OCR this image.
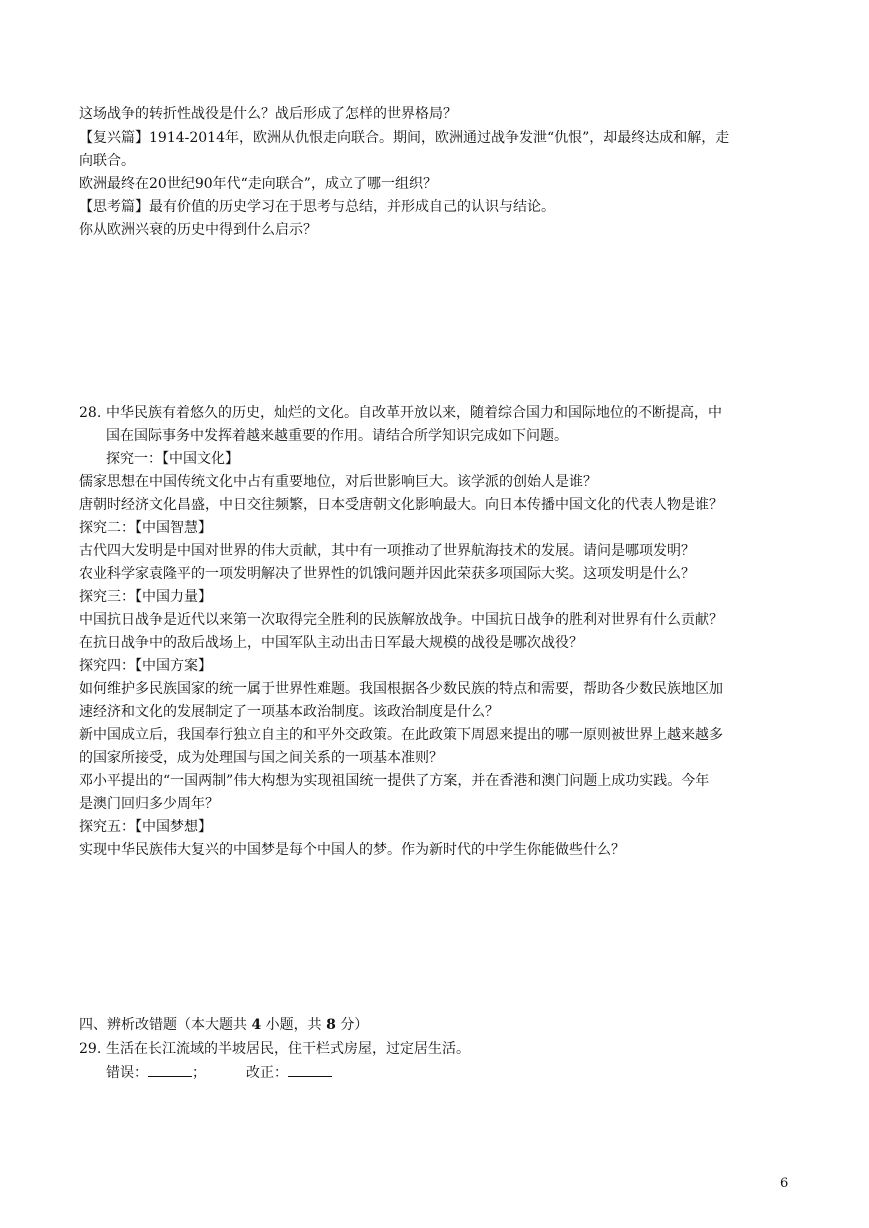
这场战争的转折性战役是什么？战后形成了怎样的世界格局？
【复兴篇】1914-2014年，欧洲从仇恨走向联合。期间，欧洲通过战争发泄“仇恨”，却最终达成和解，走
向联合。
欧洲最终在20世纪90年代“走向联合”，成立了哪一组织？
【思考篇】最有价值的历史学习在于思考与总结，并形成自己的认识与结论。
你从欧洲兴衰的历史中得到什么启示？
28. 中华民族有着悠久的历史，灿烂的文化。自改革开放以来，随着综合国力和国际地位的不断提高，中
国在国际事务中发挥着越来越重要的作用。请结合所学知识完成如下问题。
探究一：【中国文化】
儒家思想在中国传统文化中占有重要地位，对后世影响巨大。该学派的创始人是谁？
唐朝时经济文化昌盛，中日交往频繁，日本受唐朝文化影响最大。向日本传播中国文化的代表人物是谁？
探究二：【中国智慧】
古代四大发明是中国对世界的伟大贡献，其中有一项推动了世界航海技术的发展。请问是哪项发明？
农业科学家袁隆平的一项发明解决了世界性的饥饿问题并因此荣获多项国际大奖。这项发明是什么？
探究三：【中国力量】
中国抗日战争是近代以来第一次取得完全胜利的民族解放战争。中国抗日战争的胜利对世界有什么贡献？
在抗日战争中的敌后战场上，中国军队主动出击日军最大规模的战役是哪次战役？
探究四：【中国方案】
如何维护多民族国家的统一属于世界性难题。我国根据各少数民族的特点和需要，帮助各少数民族地区加
速经济和文化的发展制定了一项基本政治制度。该政治制度是什么？
新中国成立后，我国奉行独立自主的和平外交政策。在此政策下周恩来提出的哪一原则被世界上越来越多
的国家所接受，成为处理国与国之间关系的一项基本准则？
邓小平提出的“一国两制”伟大构想为实现祖国统一提供了方案，并在香港和澳门问题上成功实践。今年
是澳门回归多少周年？
探究五：【中国梦想】
实现中华民族伟大复兴的中国梦是每个中国人的梦。作为新时代的中学生你能做些什么？
四、辨析改错题（本大题共 4 小题，共 8 分）
29. 生活在长江流域的半坡居民，住干栏式房屋，过定居生活。
错误：	；	改正：
6
